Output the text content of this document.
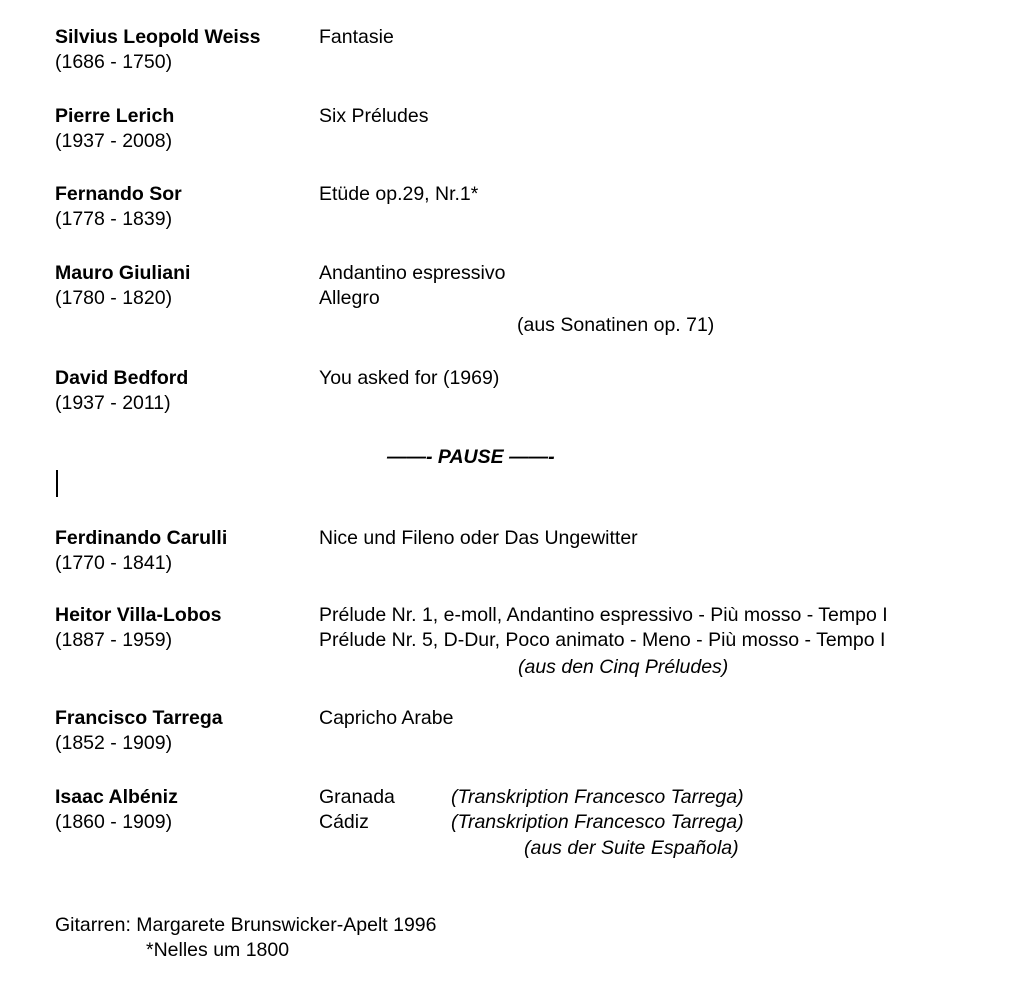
Silvius Leopold Weiss
(1686 - 1750)
Fantasie
Pierre Lerich
(1937 - 2008)
Six Préludes
Fernando Sor
(1778 - 1839)
Etüde op.29, Nr.1*
Mauro Giuliani
(1780 - 1820)
Andantino espressivo
Allegro
(aus Sonatinen op. 71)
David Bedford
(1937 - 2011)
You asked for (1969)
——- PAUSE ——-
Ferdinando Carulli
(1770 - 1841)
Nice und Fileno oder Das Ungewitter
Heitor Villa-Lobos
(1887 - 1959)
Prélude Nr. 1, e-moll, Andantino espressivo - Più mosso - Tempo I
Prélude Nr. 5, D-Dur, Poco animato - Meno - Più mosso - Tempo I
(aus den Cinq Préludes)
Francisco Tarrega
(1852 - 1909)
Capricho Arabe
Isaac Albéniz
(1860 - 1909)
Granada
Cádiz
(Transkription Francesco Tarrega)
(Transkription Francesco Tarrega)
(aus der Suite Española)
Gitarren: Margarete Brunswicker-Apelt 1996
*Nelles um 1800
